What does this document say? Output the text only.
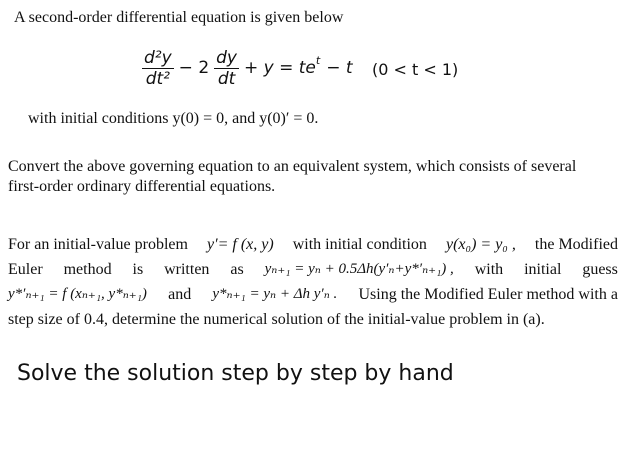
A second-order differential equation is given below
$\frac{\text{d²y}}{\text{dt²}} - 2 \frac{dy}{dt} + y$ = te t − t (0 < t < 1)
with initial conditions y(0) = 0, and y(0)′ = 0.
Convert the above governing equation to an equivalent system, which consists of several
first-order ordinary differential equations.
For an initial-value problem y′= f (x, y) with initial condition y(x₀) = y₀ , the Modified
Euler method is written as yₙ₊₁ = yₙ + 0.5Δh(y′ₙ+y*′ₙ₊₁) , with initial guess
y*′ₙ₊₁ = f (xₙ₊₁, y*ₙ₊₁) and y*ₙ₊₁ = yₙ + Δh y′ₙ . Using the Modified Euler method with a
step size of 0.4, determine the numerical solution of the initial-value problem in (a).
Solve the solution step by step by hand
